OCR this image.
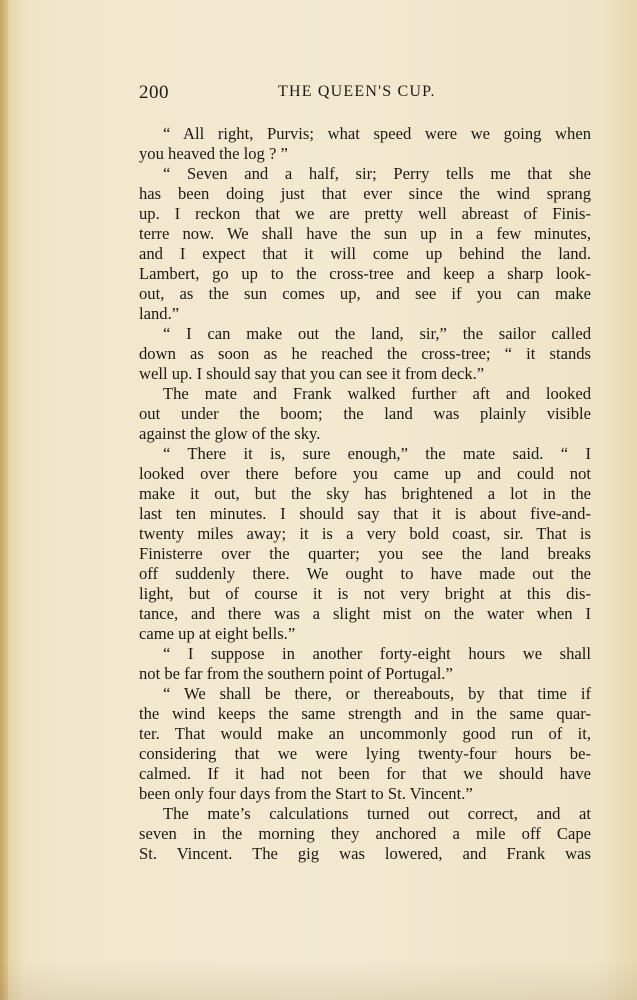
200	THE QUEEN'S CUP.
“ All right, Purvis; what speed were we going when
you heaved the log ? ”
“ Seven and a half, sir; Perry tells me that she
has been doing just that ever since the wind sprang
up. I reckon that we are pretty well abreast of Finis-
terre now. We shall have the sun up in a few minutes,
and I expect that it will come up behind the land.
Lambert, go up to the cross-tree and keep a sharp look-
out, as the sun comes up, and see if you can make
land.”
“ I can make out the land, sir,” the sailor called
down as soon as he reached the cross-tree; “ it stands
well up. I should say that you can see it from deck.”
The mate and Frank walked further aft and looked
out under the boom; the land was plainly visible
against the glow of the sky.
“ There it is, sure enough,” the mate said. “ I
looked over there before you came up and could not
make it out, but the sky has brightened a lot in the
last ten minutes. I should say that it is about five-and-
twenty miles away; it is a very bold coast, sir. That is
Finisterre over the quarter; you see the land breaks
off suddenly there. We ought to have made out the
light, but of course it is not very bright at this dis-
tance, and there was a slight mist on the water when I
came up at eight bells.”
“ I suppose in another forty-eight hours we shall
not be far from the southern point of Portugal.”
“ We shall be there, or thereabouts, by that time if
the wind keeps the same strength and in the same quar-
ter. That would make an uncommonly good run of it,
considering that we were lying twenty-four hours be-
calmed. If it had not been for that we should have
been only four days from the Start to St. Vincent.”
The mate’s calculations turned out correct, and at
seven in the morning they anchored a mile off Cape
St. Vincent. The gig was lowered, and Frank was
